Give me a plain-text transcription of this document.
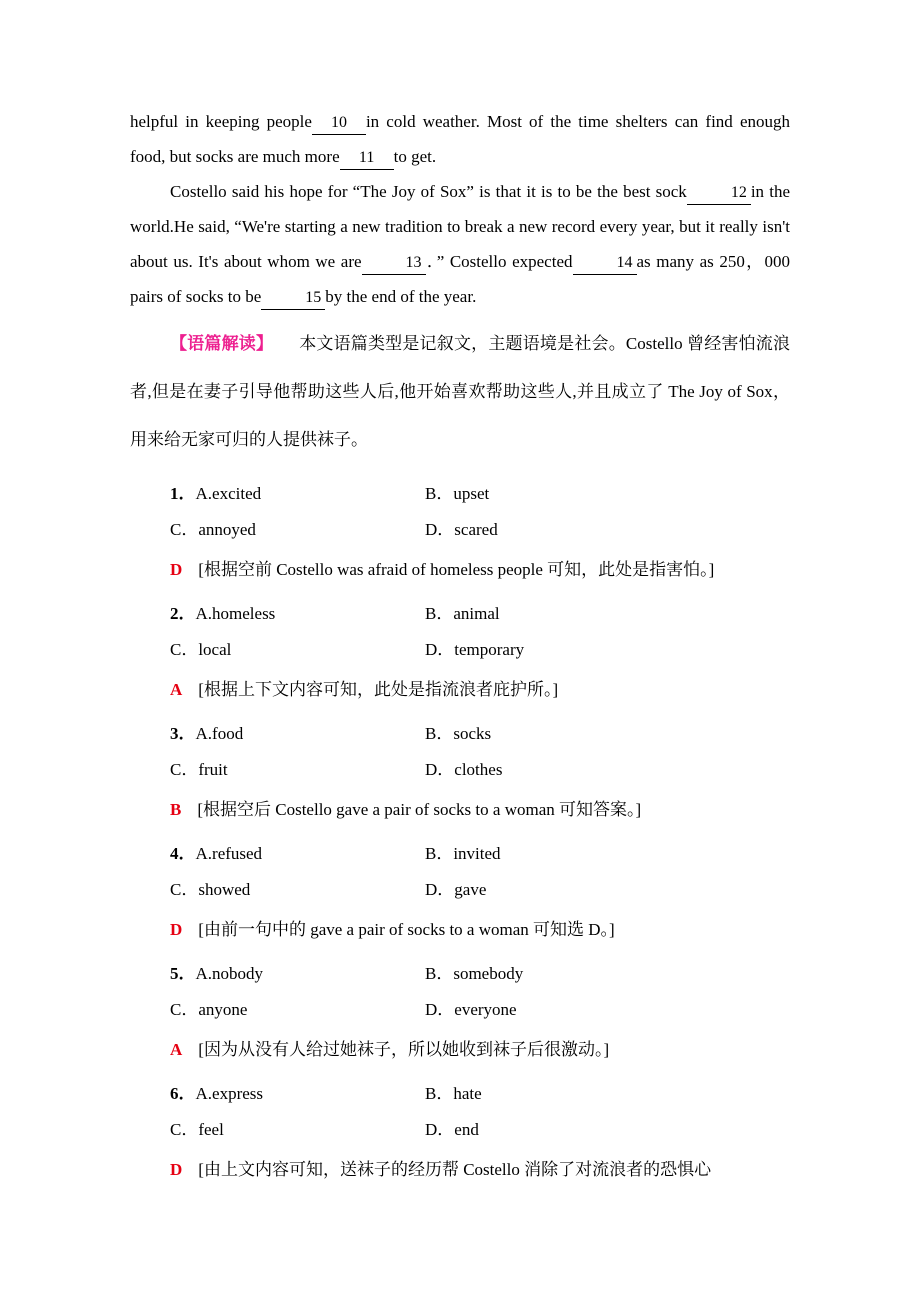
helpful in keeping people 10 in cold weather. Most of the time shelters can find enough food, but socks are much more 11 to get.

Costello said his hope for “The Joy of Sox” is that it is to be the best sock	12 in the world.He said, “We're starting a new tradition to break a new record every year, but it really isn't about us. It's about whom we are	13 ．” Costello expected	14 as many as 250，000 pairs of socks to be	15 by the end of the year.

【语篇解读】 本文语篇类型是记叙文，主题语境是社会。Costello 曾经害怕流浪者,但是在妻子引导他帮助这些人后,他开始喜欢帮助这些人,并且成立了 The Joy of Sox，用来给无家可归的人提供袜子。

1．A.excited	B．upset
C．annoyed	D．scared
D [根据空前 Costello was afraid of homeless people 可知，此处是指害怕。]
2．A.homeless	B．animal
C．local	D．temporary
A [根据上下文内容可知，此处是指流浪者庇护所。]
3．A.food	B．socks
C．fruit	D．clothes
B [根据空后 Costello gave a pair of socks to a woman 可知答案。]
4．A.refused	B．invited
C．showed	D．gave
D [由前一句中的 gave a pair of socks to a woman 可知选 D。]
5．A.nobody	B．somebody
C．anyone	D．everyone
A [因为从没有人给过她袜子，所以她收到袜子后很激动。]
6．A.express	B．hate
C．feel	D．end
D [由上文内容可知，送袜子的经历帮 Costello 消除了对流浪者的恐惧心
